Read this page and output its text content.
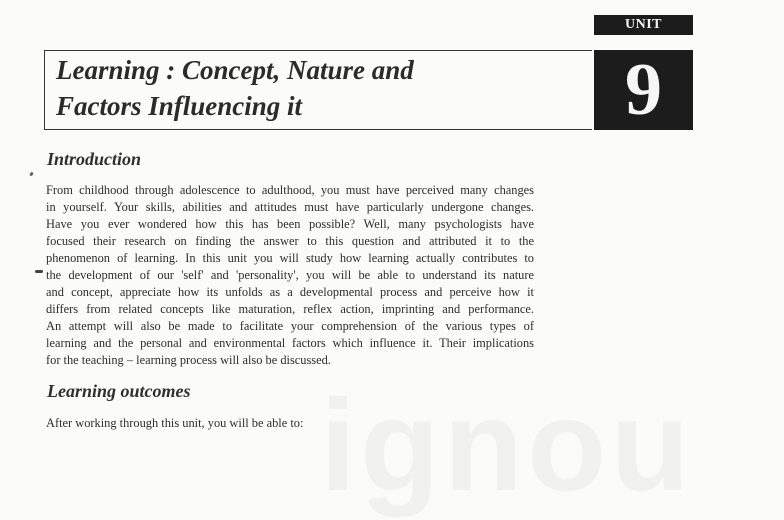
ignou
UNIT
Learning : Concept, Nature and
Factors Influencing it	9
Introduction
From childhood through adolescence to adulthood, you must have perceived many changes
in yourself. Your skills, abilities and attitudes must have particularly undergone changes.
Have you ever wondered how this has been possible? Well, many psychologists have
focused their research on finding the answer to this question and attributed it to the
phenomenon of learning. In this unit you will study how learning actually contributes to
the development of our 'self' and 'personality', you will be able to understand its nature
and concept, appreciate how its unfolds as a developmental process and perceive how it
differs from related concepts like maturation, reflex action, imprinting and performance.
An attempt will also be made to facilitate your comprehension of the various types of
learning and the personal and environmental factors which influence it. Their implications
for the teaching – learning process will also be discussed.
Learning outcomes
After working through this unit, you will be able to:
